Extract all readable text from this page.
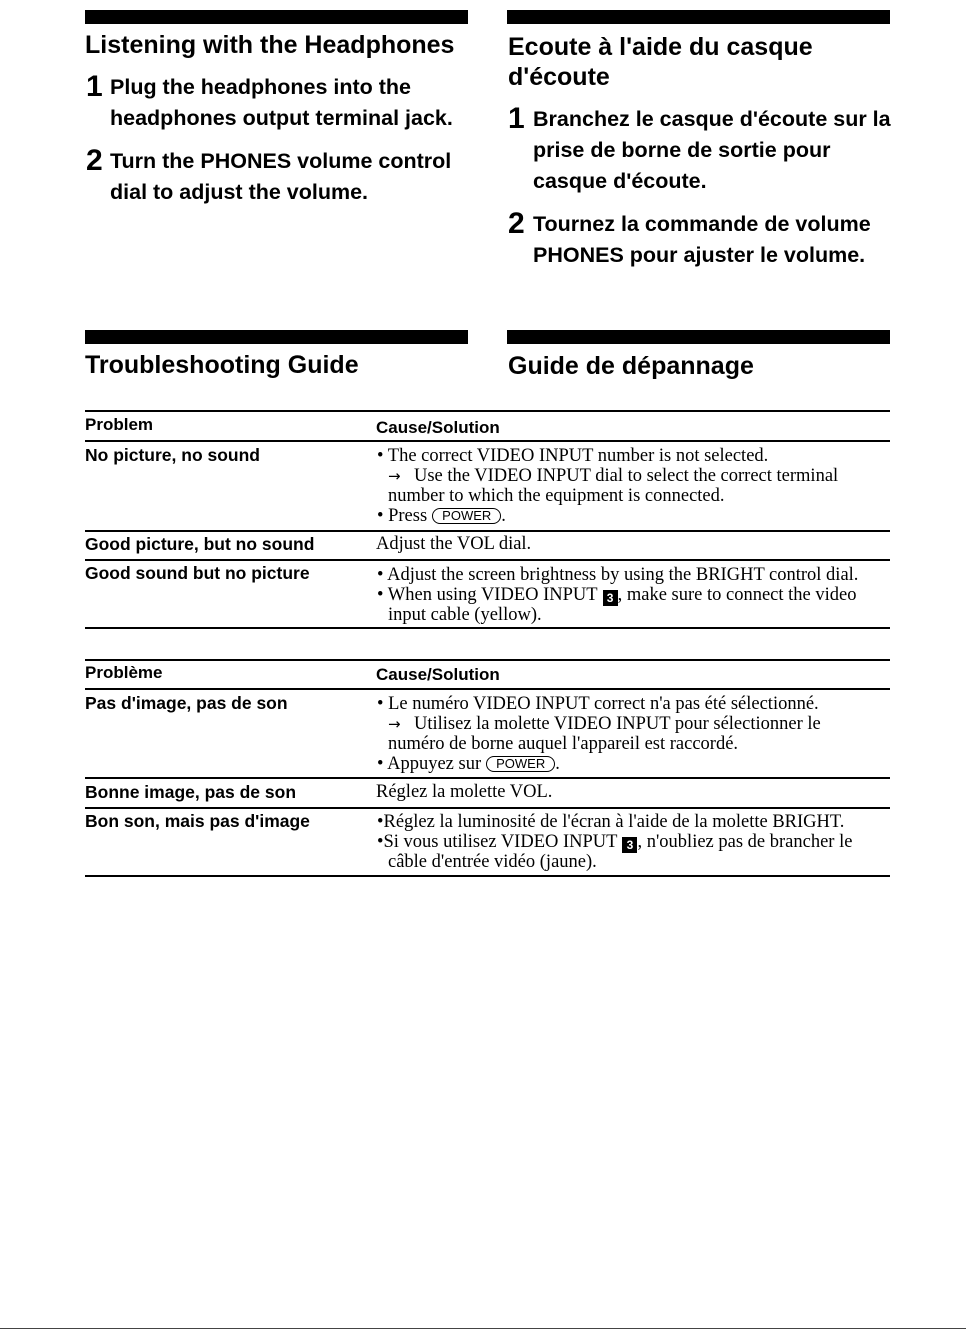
Listening with the Headphones
1 Plug the headphones into the
headphones output terminal jack.
2 Turn the PHONES volume control
dial to adjust the volume.
Ecoute à l'aide du casque
d'écoute
1 Branchez le casque d'écoute sur la
prise de borne de sortie pour
casque d'écoute.
2 Tournez la commande de volume
PHONES pour ajuster le volume.
Troubleshooting Guide	Guide de dépannage
Problem	Cause/Solution
No picture, no sound	• The correct VIDEO INPUT number is not selected.
→ Use the VIDEO INPUT dial to select the correct terminal
number to which the equipment is connected.
• Press POWER .
Good picture, but no sound	Adjust the VOL dial.
Good sound but no picture	• Adjust the screen brightness by using the BRIGHT control dial.
• When using VIDEO INPUT 3 , make sure to connect the video
input cable (yellow).
Problème	Cause/Solution
Pas d'image, pas de son	• Le numéro VIDEO INPUT correct n'a pas été sélectionné.
→ Utilisez la molette VIDEO INPUT pour sélectionner le
numéro de borne auquel l'appareil est raccordé.
• Appuyez sur POWER .
Bonne image, pas de son	Réglez la molette VOL.
Bon son, mais pas d'image	•Réglez la luminosité de l'écran à l'aide de la molette BRIGHT.
•Si vous utilisez VIDEO INPUT 3 , n'oubliez pas de brancher le
câble d'entrée vidéo (jaune).
